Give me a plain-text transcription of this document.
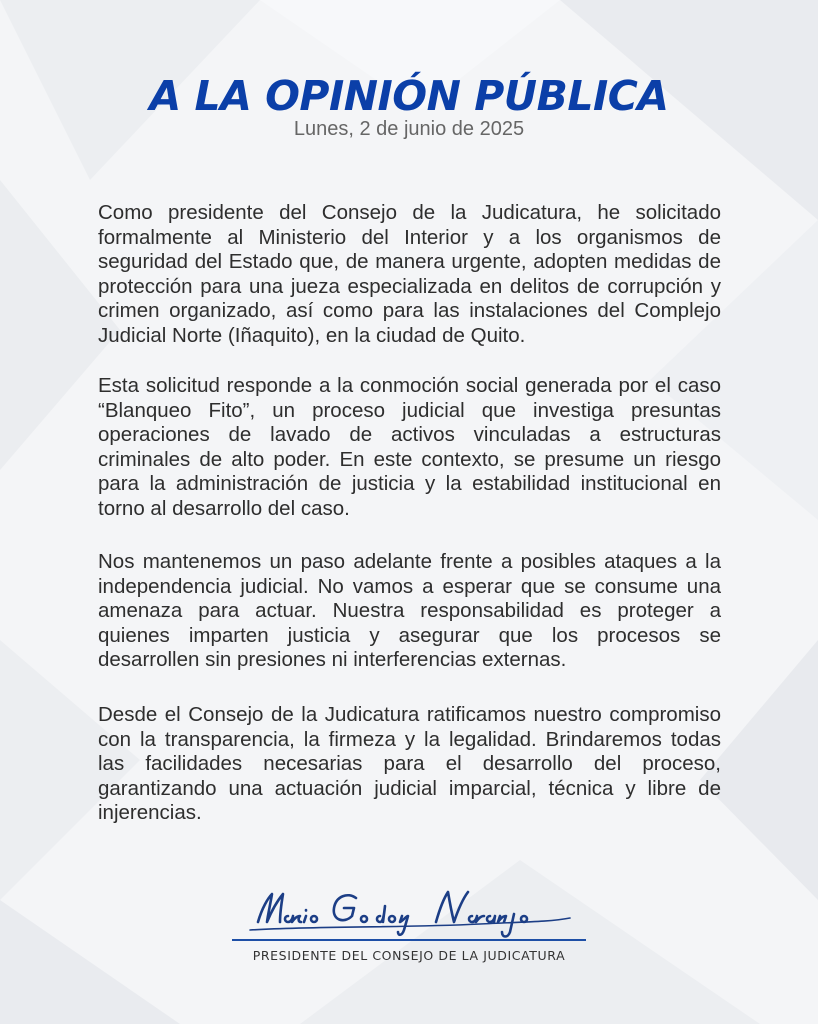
A LA OPINIÓN PÚBLICA
Lunes, 2 de junio de 2025

Como presidente del Consejo de la Judicatura, he solicitado formalmente al Ministerio del Interior y a los organismos de seguridad del Estado que, de manera urgente, adopten medidas de protección para una jueza especializada en delitos de corrupción y crimen organizado, así como para las instalaciones del Complejo Judicial Norte (Iñaquito), en la ciudad de Quito.

Esta solicitud responde a la conmoción social generada por el caso “Blanqueo Fito”, un proceso judicial que investiga presuntas operaciones de lavado de activos vinculadas a estructuras criminales de alto poder. En este contexto, se presume un riesgo para la administración de justicia y la estabilidad institucional en torno al desarrollo del caso.

Nos mantenemos un paso adelante frente a posibles ataques a la independencia judicial. No vamos a esperar que se consume una amenaza para actuar. Nuestra responsabilidad es proteger a quienes imparten justicia y asegurar que los procesos se desarrollen sin presiones ni interferencias externas.

Desde el Consejo de la Judicatura ratificamos nuestro compromiso con la transparencia, la firmeza y la legalidad. Brindaremos todas las facilidades necesarias para el desarrollo del proceso, garantizando una actuación judicial imparcial, técnica y libre de injerencias.

PRESIDENTE DEL CONSEJO DE LA JUDICATURA
